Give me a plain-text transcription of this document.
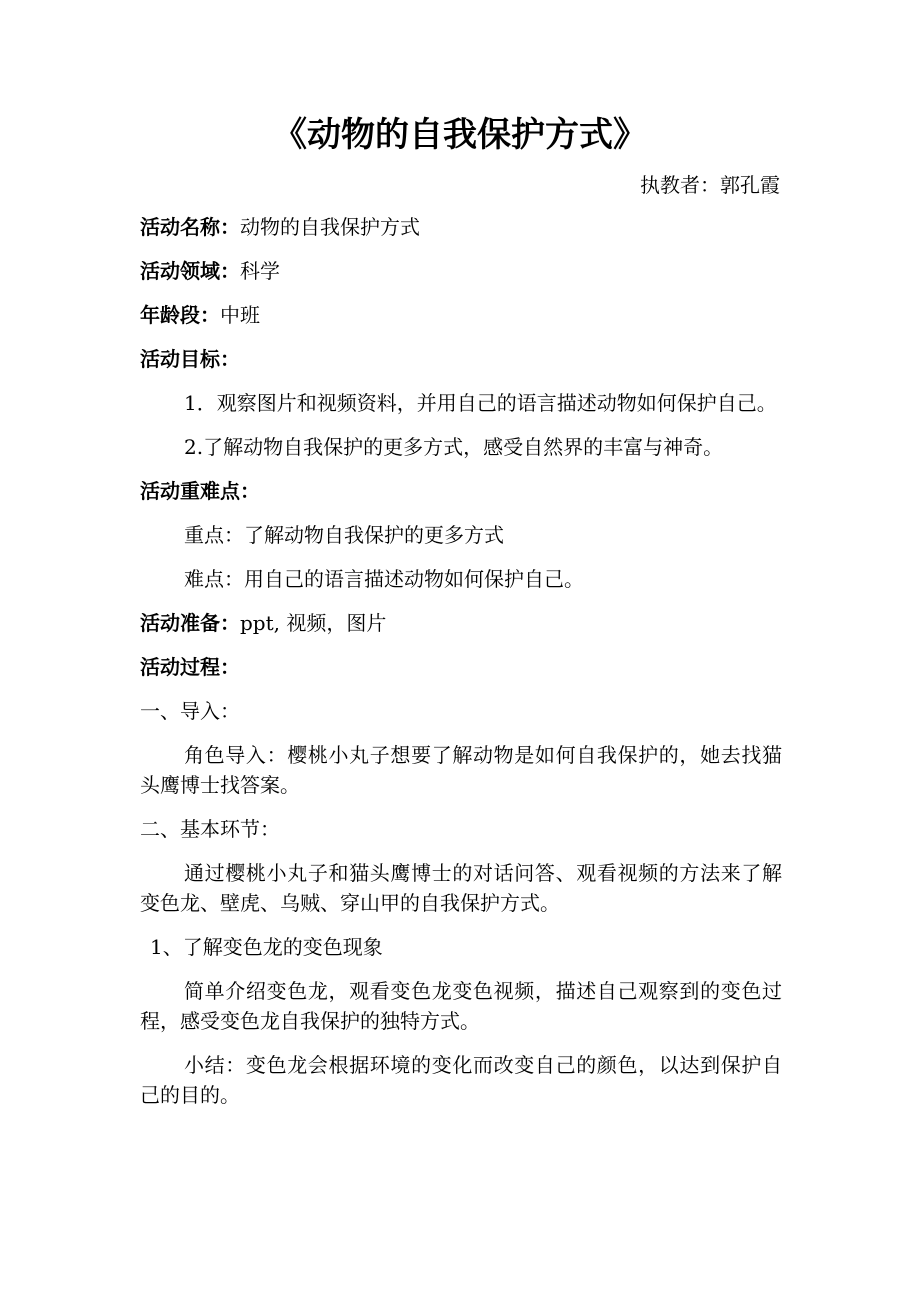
《动物的自我保护方式》
执教者：郭孔霞

活动名称：动物的自我保护方式

活动领域：科学

年龄段：中班

活动目标：

1．观察图片和视频资料，并用自己的语言描述动物如何保护自己。

2.了解动物自我保护的更多方式，感受自然界的丰富与神奇。

活动重难点：

重点：了解动物自我保护的更多方式

难点：用自己的语言描述动物如何保护自己。

活动准备：ppt, 视频，图片

活动过程：

一、导入：

角色导入：樱桃小丸子想要了解动物是如何自我保护的，她去找猫头鹰博士找答案。

二、基本环节：

通过樱桃小丸子和猫头鹰博士的对话问答、观看视频的方法来了解变色龙、壁虎、乌贼、穿山甲的自我保护方式。

1、了解变色龙的变色现象

简单介绍变色龙，观看变色龙变色视频，描述自己观察到的变色过程，感受变色龙自我保护的独特方式。

小结：变色龙会根据环境的变化而改变自己的颜色，以达到保护自己的目的。
